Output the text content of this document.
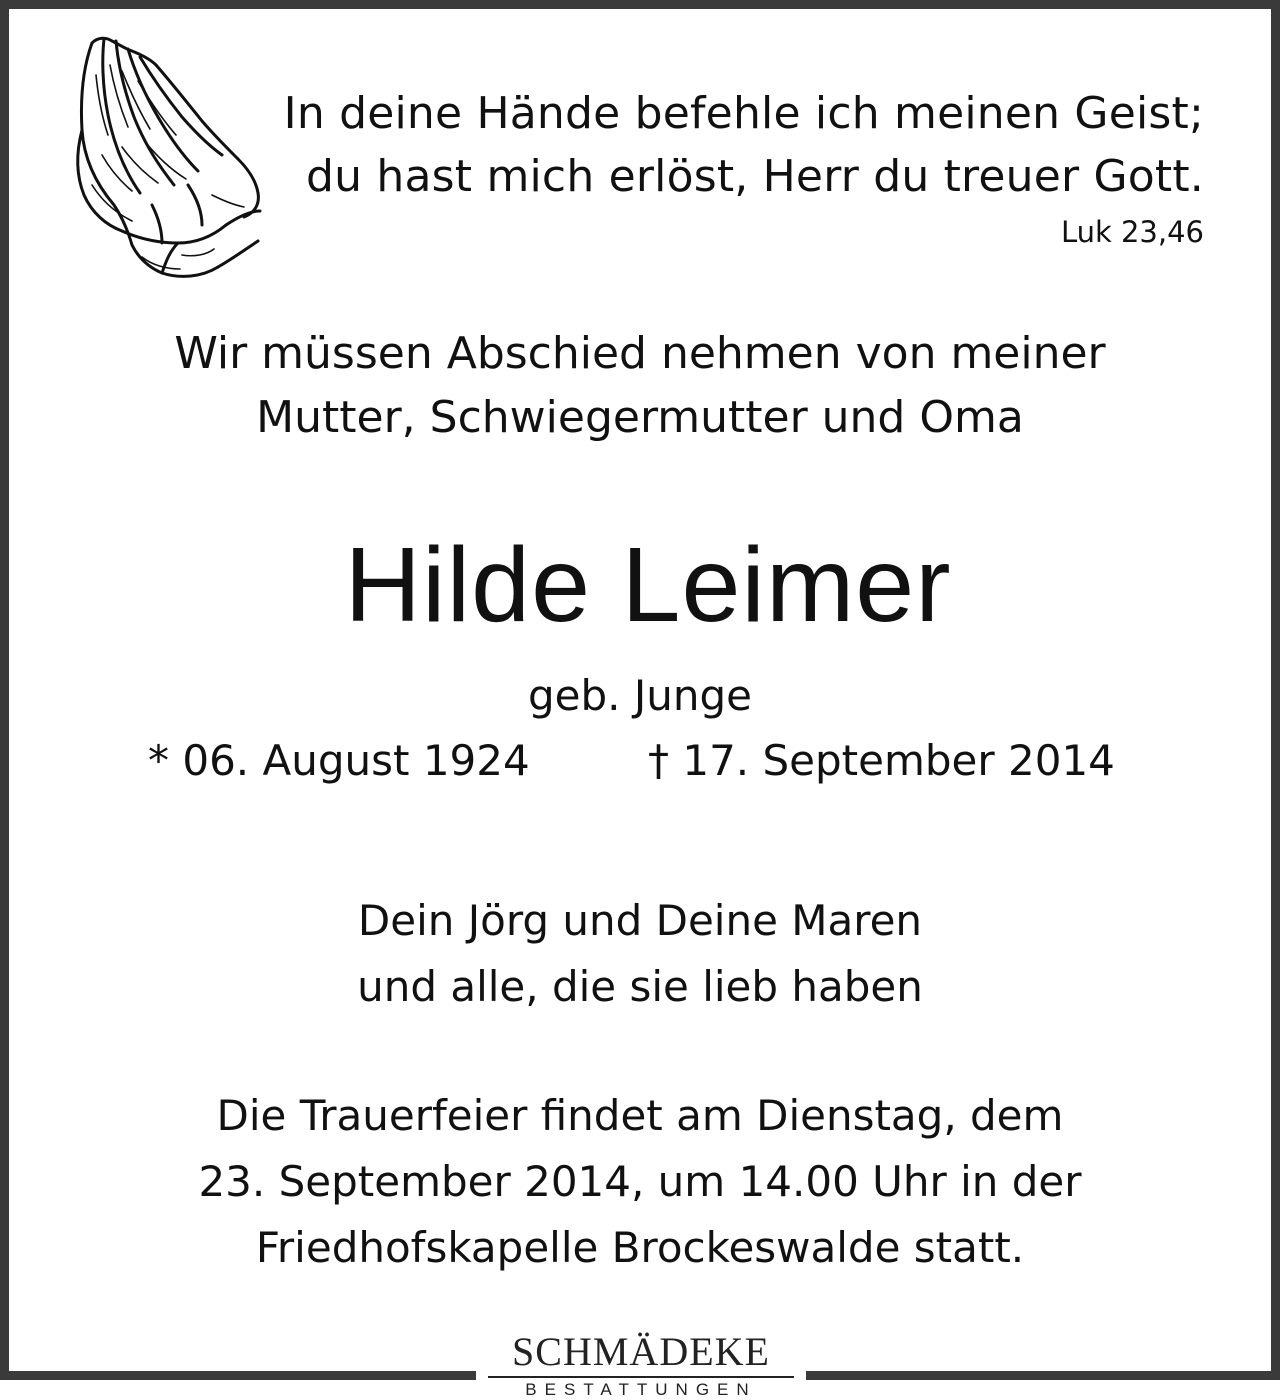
In deine Hände befehle ich meinen Geist;
du hast mich erlöst, Herr du treuer Gott.
Luk 23,46
Wir müssen Abschied nehmen von meiner
Mutter, Schwiegermutter und Oma
Hilde Leimer
geb. Junge
* 06. August 1924	† 17. September 2014
Dein Jörg und Deine Maren
und alle, die sie lieb haben
Die Trauerfeier findet am Dienstag, dem
23. September 2014, um 14.00 Uhr in der
Friedhofskapelle Brockeswalde statt.
SCHMÄDEKE
BESTATTUNGEN
